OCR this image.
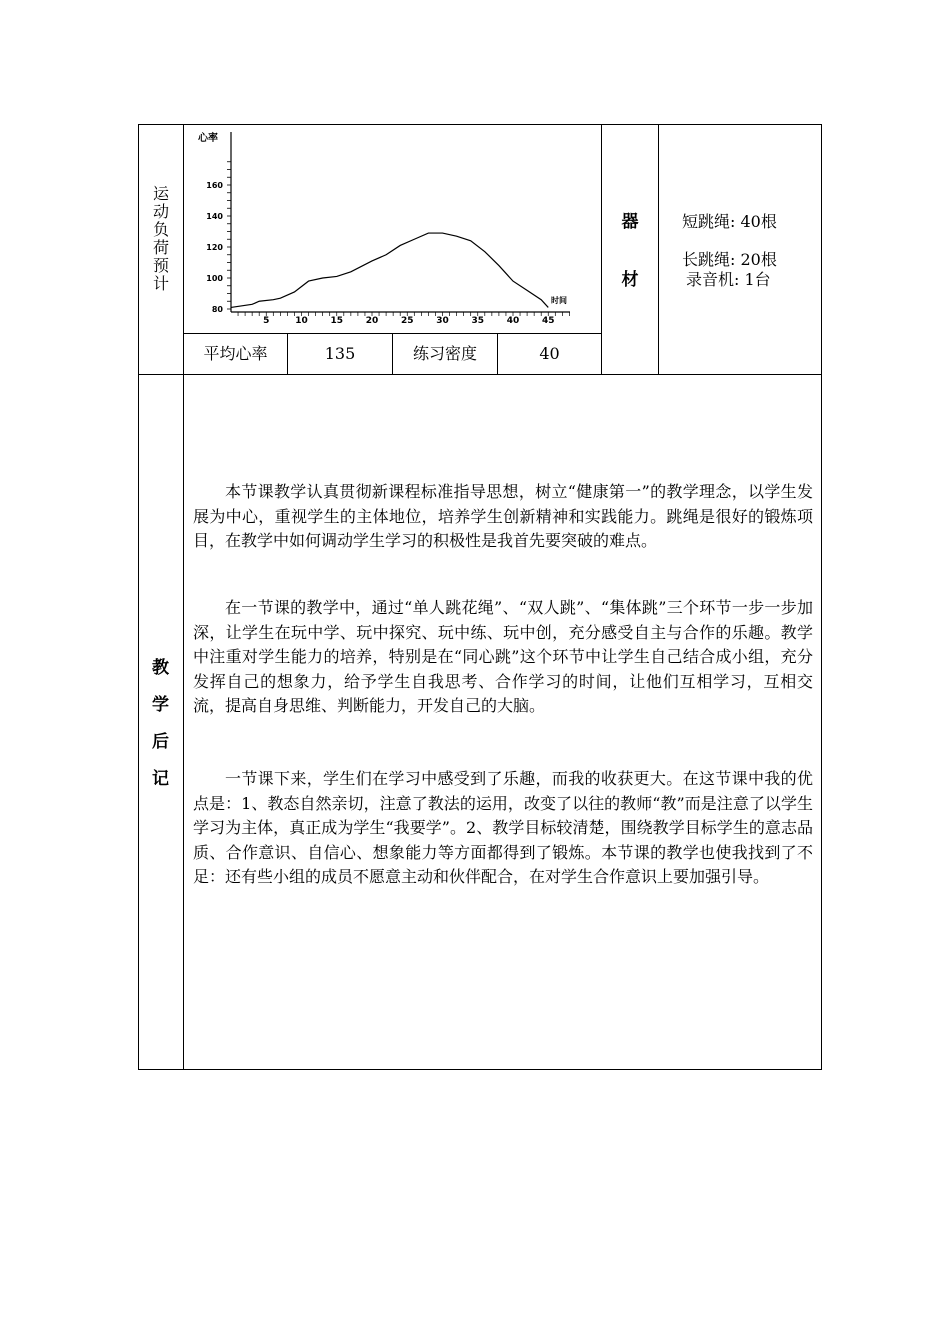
运动负荷预计
80
100
120
140
160
5	10	15	20	25	30	35	40	45
心率
时间
平均心率	135	练习密度	40
器
材
短跳绳: 40根
长跳绳: 20根
录音机: 1台
教
学
后
记

本节课教学认真贯彻新课程标准指导思想，树立“健康第一”的教学理念，以学生发展为中心，重视学生的主体地位，培养学生创新精神和实践能力。跳绳是很好的锻炼项目，在教学中如何调动学生学习的积极性是我首先要突破的难点。

在一节课的教学中，通过“单人跳花绳”、“双人跳”、“集体跳”三个环节一步一步加深，让学生在玩中学、玩中探究、玩中练、玩中创，充分感受自主与合作的乐趣。教学中注重对学生能力的培养，特别是在“同心跳”这个环节中让学生自己结合成小组，充分发挥自己的想象力，给予学生自我思考、合作学习的时间，让他们互相学习，互相交流，提高自身思维、判断能力，开发自己的大脑。

一节课下来，学生们在学习中感受到了乐趣，而我的收获更大。在这节课中我的优点是：1、教态自然亲切，注意了教法的运用，改变了以往的教师“教”而是注意了以学生学习为主体，真正成为学生“我要学”。2、教学目标较清楚，围绕教学目标学生的意志品质、合作意识、自信心、想象能力等方面都得到了锻炼。本节课的教学也使我找到了不足：还有些小组的成员不愿意主动和伙伴配合，在对学生合作意识上要加强引导。
